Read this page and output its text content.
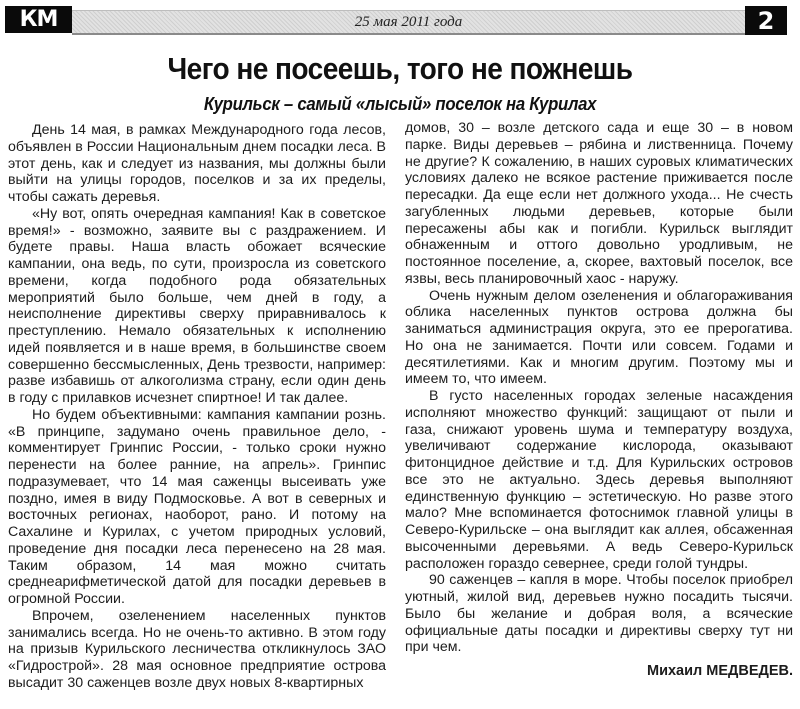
КМ	25 мая 2011 года	2
Чего не посеешь, того не пожнешь
Курильск – самый «лысый» поселок на Курилах

День 14 мая, в рамках Международного года лесов, объявлен в России Национальным днем посадки леса. В этот день, как и следует из названия, мы должны были выйти на улицы городов, поселков и за их пределы, чтобы сажать деревья.

«Ну вот, опять очередная кампания! Как в советское время!» - возможно, заявите вы с раздражением. И будете правы. Наша власть обожает всяческие кампании, она ведь, по сути, произросла из советского времени, когда подобного рода обязательных мероприятий было больше, чем дней в году, а неисполнение директивы сверху приравнивалось к преступлению. Немало обязательных к исполнению идей появляется и в наше время, в большинстве своем совершенно бессмысленных, День трезвости, например: разве избавишь от алкоголизма страну, если один день в году с прилавков исчезнет спиртное! И так далее.

Но будем объективными: кампания кампании рознь. «В принципе, задумано очень правильное дело, - комментирует Гринпис России, - только сроки нужно перенести на более ранние, на апрель». Гринпис подразумевает, что 14 мая саженцы высеивать уже поздно, имея в виду Подмосковье. А вот в северных и восточных регионах, наоборот, рано. И потому на Сахалине и Курилах, с учетом природных условий, проведение дня посадки леса перенесено на 28 мая. Таким образом, 14 мая можно считать среднеарифметической датой для посадки деревьев в огромной России.

Впрочем, озеленением населенных пунктов занимались всегда. Но не очень-то активно. В этом году на призыв Курильского лесничества откликнулось ЗАО «Гидрострой». 28 мая основное предприятие острова высадит 30 саженцев возле двух новых 8-квартирных

домов, 30 – возле детского сада и еще 30 – в новом парке. Виды деревьев – рябина и лиственница. Почему не другие? К сожалению, в наших суровых климатических условиях далеко не всякое растение приживается после пересадки. Да еще если нет должного ухода... Не счесть загубленных людьми деревьев, которые были пересажены абы как и погибли. Курильск выглядит обнаженным и оттого довольно уродливым, не постоянное поселение, а, скорее, вахтовый поселок, все язвы, весь планировочный хаос - наружу.

Очень нужным делом озеленения и облагораживания облика населенных пунктов острова должна бы заниматься администрация округа, это ее прерогатива. Но она не занимается. Почти или совсем. Годами и десятилетиями. Как и многим другим. Поэтому мы и имеем то, что имеем.

В густо населенных городах зеленые насаждения исполняют множество функций: защищают от пыли и газа, снижают уровень шума и температуру воздуха, увеличивают содержание кислорода, оказывают фитонцидное действие и т.д. Для Курильских островов все это не актуально. Здесь деревья выполняют единственную функцию – эстетическую. Но разве этого мало? Мне вспоминается фотоснимок главной улицы в Северо-Курильске – она выглядит как аллея, обсаженная высоченными деревьями. А ведь Северо-Курильск расположен гораздо севернее, среди голой тундры.

90 саженцев – капля в море. Чтобы поселок приобрел уютный, жилой вид, деревьев нужно посадить тысячи. Было бы желание и добрая воля, а всяческие официальные даты посадки и директивы сверху тут ни при чем.

Михаил МЕДВЕДЕВ.
